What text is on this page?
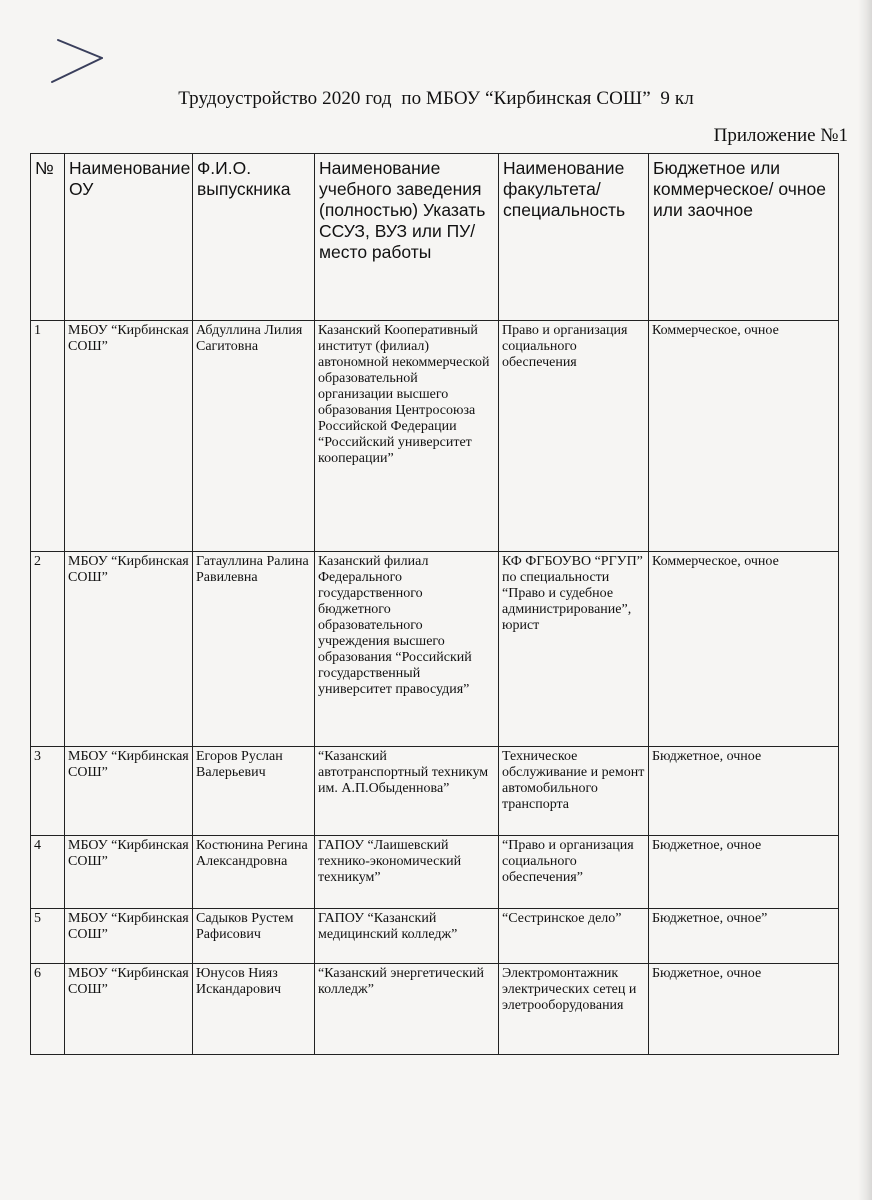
Трудоустройство 2020 год  по МБОУ “Кирбинская СОШ”  9 кл
Приложение №1
№	Наименование ОУ	Ф.И.О. выпускника	Наименование учебного заведения (полностью) Указать ССУЗ, ВУЗ или ПУ/ место работы	Наименование факультета/ специальность	Бюджетное или коммерческое/ очное или заочное
1	МБОУ “Кирбинская СОШ”	Абдуллина Лилия Сагитовна	Казанский Кооперативный институт (филиал) автономной некоммерческой образовательной организации высшего образования Центросоюза Российской Федерации “Российский университет кооперации”	Право и организация социального обеспечения	Коммерческое, очное
2	МБОУ “Кирбинская СОШ”	Гатауллина Ралина Равилевна	Казанский филиал Федерального государственного бюджетного образовательного учреждения высшего образования “Российский государственный университет правосудия”	КФ ФГБОУВО “РГУП” по специальности “Право и судебное администрирование”, юрист	Коммерческое, очное
3	МБОУ “Кирбинская СОШ”	Егоров Руслан Валерьевич	“Казанский автотранспортный техникум им. А.П.Обыденнова”	Техническое обслуживание и ремонт автомобильного транспорта	Бюджетное, очное
4	МБОУ “Кирбинская СОШ”	Костюнина Регина Александровна	ГАПОУ “Лаишевский технико-экономический техникум”	“Право и организация социального обеспечения”	Бюджетное, очное
5	МБОУ “Кирбинская СОШ”	Садыков Рустем Рафисович	ГАПОУ “Казанский медицинский колледж”	“Сестринское дело”	Бюджетное, очное”
6	МБОУ “Кирбинская СОШ”	Юнусов Нияз Искандарович	“Казанский энергетический колледж”	Электромонтажник электрических сетец и элетрооборудования	Бюджетное, очное
